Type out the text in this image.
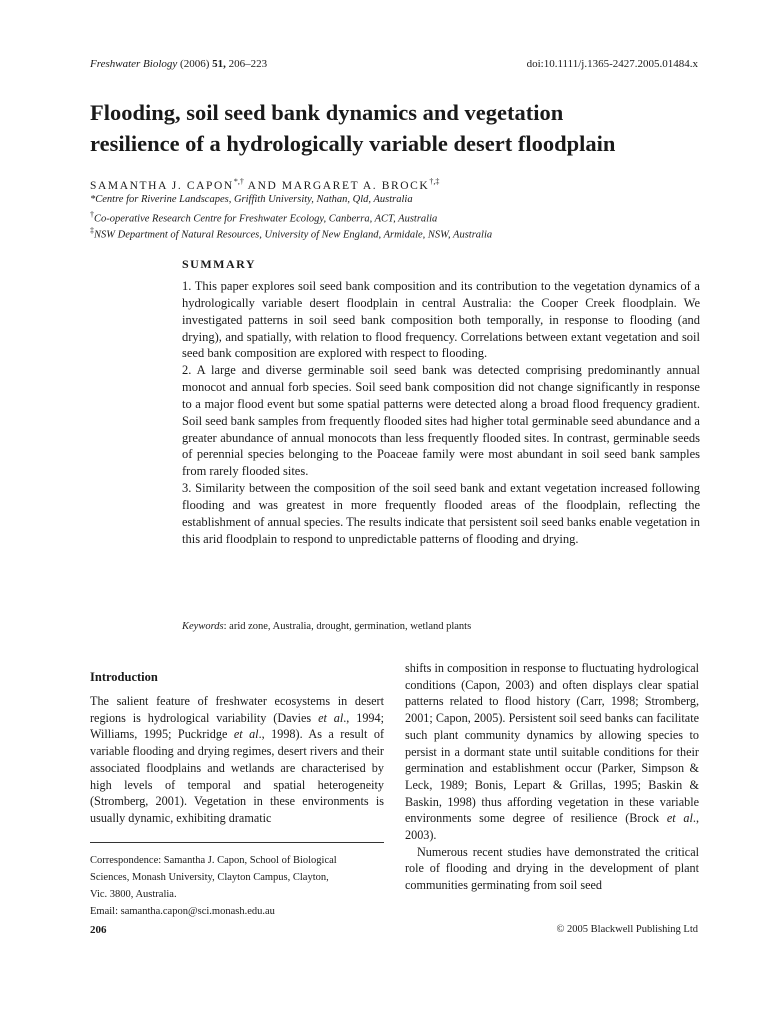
Freshwater Biology (2006) 51, 206–223	doi:10.1111/j.1365-2427.2005.01484.x
Flooding, soil seed bank dynamics and vegetation
resilience of a hydrologically variable desert floodplain
SAMANTHA J. CAPON*,† AND MARGARET A. BROCK†,‡
*Centre for Riverine Landscapes, Griffith University, Nathan, Qld, Australia
†Co-operative Research Centre for Freshwater Ecology, Canberra, ACT, Australia
‡NSW Department of Natural Resources, University of New England, Armidale, NSW, Australia
SUMMARY

1. This paper explores soil seed bank composition and its contribution to the vegetation dynamics of a hydrologically variable desert floodplain in central Australia: the Cooper Creek floodplain. We investigated patterns in soil seed bank composition both temporally, in response to flooding (and drying), and spatially, with relation to flood frequency. Correlations between extant vegetation and soil seed bank composition are explored with respect to flooding.

2. A large and diverse germinable soil seed bank was detected comprising predominantly annual monocot and annual forb species. Soil seed bank composition did not change significantly in response to a major flood event but some spatial patterns were detected along a broad flood frequency gradient. Soil seed bank samples from frequently flooded sites had higher total germinable seed abundance and a greater abundance of annual monocots than less frequently flooded sites. In contrast, germinable seeds of perennial species belonging to the Poaceae family were most abundant in soil seed bank samples from rarely flooded sites.

3. Similarity between the composition of the soil seed bank and extant vegetation increased following flooding and was greatest in more frequently flooded areas of the floodplain, reflecting the establishment of annual species. The results indicate that persistent soil seed banks enable vegetation in this arid floodplain to respond to unpredictable patterns of flooding and drying.

Keywords: arid zone, Australia, drought, germination, wetland plants
Introduction

The salient feature of freshwater ecosystems in desert regions is hydrological variability (Davies et al., 1994; Williams, 1995; Puckridge et al., 1998). As a result of variable flooding and drying regimes, desert rivers and their associated floodplains and wetlands are characterised by high levels of temporal and spatial heterogeneity (Stromberg, 2001). Vegetation in these environments is usually dynamic, exhibiting dramatic

shifts in composition in response to fluctuating hydrological conditions (Capon, 2003) and often displays clear spatial patterns related to flood history (Carr, 1998; Stromberg, 2001; Capon, 2005). Persistent soil seed banks can facilitate such plant community dynamics by allowing species to persist in a dormant state until suitable conditions for their germination and establishment occur (Parker, Simpson & Leck, 1989; Bonis, Lepart & Grillas, 1995; Baskin & Baskin, 1998) thus affording vegetation in these variable environments some degree of resilience (Brock et al., 2003).

Numerous recent studies have demonstrated the critical role of flooding and drying in the development of plant communities germinating from soil seed

Correspondence: Samantha J. Capon, School of Biological
Sciences, Monash University, Clayton Campus, Clayton,
Vic. 3800, Australia.
Email: samantha.capon@sci.monash.edu.au
206	© 2005 Blackwell Publishing Ltd
